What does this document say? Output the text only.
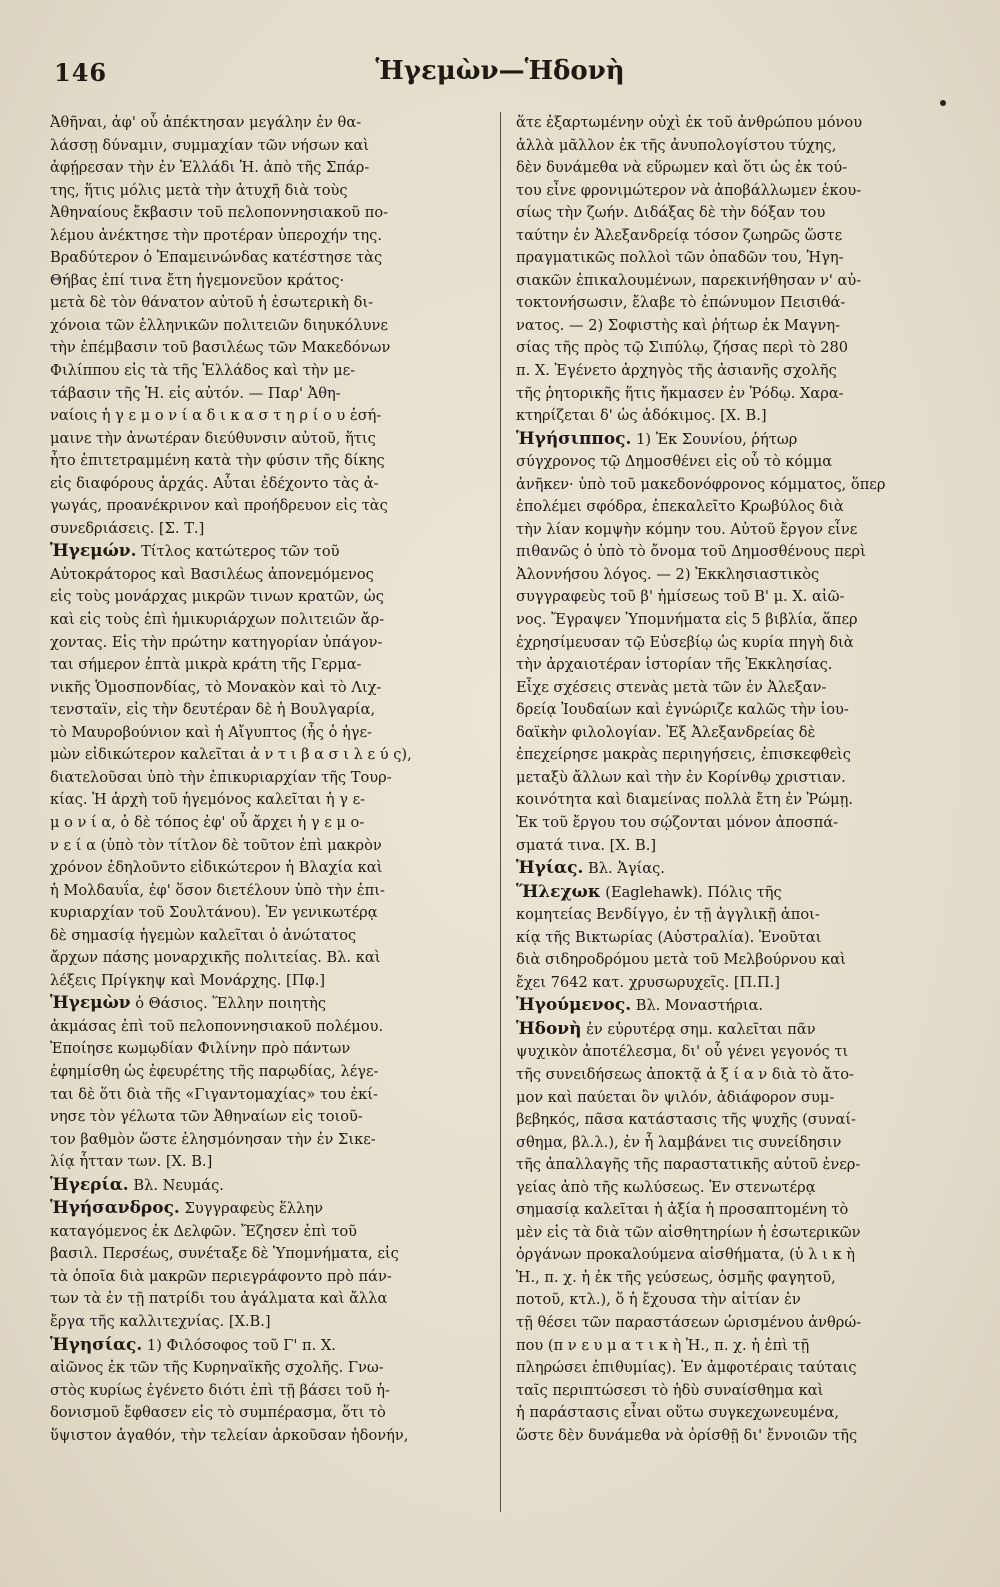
146	Ἡγεμὼν—Ἡδονὴ
Ἀθῆναι, ἀφ' οὗ ἀπέκτησαν μεγάλην ἐν θα-
λάσσῃ δύναμιν, συμμαχίαν τῶν νήσων καὶ
ἀφῄρεσαν τὴν ἐν Ἑλλάδι Ἡ. ἀπὸ τῆς Σπάρ-
της, ἥτις μόλις μετὰ τὴν ἀτυχῆ διὰ τοὺς
Ἀθηναίους ἔκβασιν τοῦ πελοποννησιακοῦ πο-
λέμου ἀνέκτησε τὴν προτέραν ὑπεροχήν της.
Βραδύτερον ὁ Ἐπαμεινώνδας κατέστησε τὰς
Θήβας ἐπί τινα ἔτη ἡγεμονεῦον κράτος·
μετὰ δὲ τὸν θάνατον αὐτοῦ ἡ ἐσωτερικὴ δι-
χόνοια τῶν ἑλληνικῶν πολιτειῶν διηυκόλυνε
τὴν ἐπέμβασιν τοῦ βασιλέως τῶν Μακεδόνων
Φιλίππου εἰς τὰ τῆς Ἑλλάδος καὶ τὴν με-
τάβασιν τῆς Ἡ. εἰς αὐτόν. — Παρ' Ἀθη-
ναίοις ἡ γ ε μ ο ν ί α δ ι κ α σ τ η ρ ί ο υ ἐσή-
μαινε τὴν ἀνωτέραν διεύθυνσιν αὐτοῦ, ἥτις
ἦτο ἐπιτετραμμένη κατὰ τὴν φύσιν τῆς δίκης
εἰς διαφόρους ἀρχάς. Αὗται ἐδέχοντο τὰς ἀ-
γωγάς, προανέκρινον καὶ προήδρευον εἰς τὰς
συνεδριάσεις. [Σ. Τ.]
Ἡγεμών. Τίτλος κατώτερος τῶν τοῦ
Αὐτοκράτορος καὶ Βασιλέως ἀπονεμόμενος
εἰς τοὺς μονάρχας μικρῶν τινων κρατῶν, ὡς
καὶ εἰς τοὺς ἐπὶ ἡμικυριάρχων πολιτειῶν ἄρ-
χοντας. Εἰς τὴν πρώτην κατηγορίαν ὑπάγον-
ται σήμερον ἑπτὰ μικρὰ κράτη τῆς Γερμα-
νικῆς Ὁμοσπονδίας, τὸ Μονακὸν καὶ τὸ Λιχ-
τενσταϊν, εἰς τὴν δευτέραν δὲ ἡ Βουλγαρία,
τὸ Μαυροβούνιον καὶ ἡ Αἴγυπτος (ἧς ὁ ἡγε-
μὼν εἰδικώτερον καλεῖται ἀ ν τ ι β α σ ι λ ε ύ ς),
διατελοῦσαι ὑπὸ τὴν ἐπικυριαρχίαν τῆς Τουρ-
κίας. Ἡ ἀρχὴ τοῦ ἡγεμόνος καλεῖται ἡ γ ε-
μ ο ν ί α, ὁ δὲ τόπος ἐφ' οὗ ἄρχει ἡ γ ε μ ο-
ν ε ί α (ὑπὸ τὸν τίτλον δὲ τοῦτον ἐπὶ μακρὸν
χρόνον ἐδηλοῦντο εἰδικώτερον ἡ Βλαχία καὶ
ἡ Μολδαυΐα, ἐφ' ὅσον διετέλουν ὑπὸ τὴν ἐπι-
κυριαρχίαν τοῦ Σουλτάνου). Ἐν γενικωτέρᾳ
δὲ σημασίᾳ ἡγεμὼν καλεῖται ὁ ἀνώτατος
ἄρχων πάσης μοναρχικῆς πολιτείας. Βλ. καὶ
λέξεις Πρίγκηψ καὶ Μονάρχης. [Πφ.]
Ἡγεμὼν ὁ Θάσιος. Ἕλλην ποιητὴς
ἀκμάσας ἐπὶ τοῦ πελοποννησιακοῦ πολέμου.
Ἐποίησε κωμῳδίαν Φιλίνην πρὸ πάντων
ἐφημίσθη ὡς ἐφευρέτης τῆς παρῳδίας, λέγε-
ται δὲ ὅτι διὰ τῆς «Γιγαντομαχίας» του ἐκί-
νησε τὸν γέλωτα τῶν Ἀθηναίων εἰς τοιοῦ-
τον βαθμὸν ὥστε ἐλησμόνησαν τὴν ἐν Σικε-
λίᾳ ἧτταν των. [Χ. Β.]
Ἡγερία. Βλ. Νευμάς.
Ἡγήσανδρος. Συγγραφεὺς ἕλλην
καταγόμενος ἐκ Δελφῶν. Ἔζησεν ἐπὶ τοῦ
βασιλ. Περσέως, συνέταξε δὲ Ὑπομνήματα, εἰς
τὰ ὁποῖα διὰ μακρῶν περιεγράφοντο πρὸ πάν-
των τὰ ἐν τῇ πατρίδι του ἀγάλματα καὶ ἄλλα
ἔργα τῆς καλλιτεχνίας. [Χ.Β.]
Ἡγησίας. 1) Φιλόσοφος τοῦ Γ' π. Χ.
αἰῶνος ἐκ τῶν τῆς Κυρηναϊκῆς σχολῆς. Γνω-
στὸς κυρίως ἐγένετο διότι ἐπὶ τῇ βάσει τοῦ ἡ-
δονισμοῦ ἔφθασεν εἰς τὸ συμπέρασμα, ὅτι τὸ
ὕψιστον ἀγαθόν, τὴν τελείαν ἀρκοῦσαν ἡδονήν,
ἅτε ἐξαρτωμένην οὐχὶ ἐκ τοῦ ἀνθρώπου μόνου
ἀλλὰ μᾶλλον ἐκ τῆς ἀνυπολογίστου τύχης,
δὲν δυνάμεθα νὰ εὕρωμεν καὶ ὅτι ὡς ἐκ τού-
του εἶνε φρονιμώτερον νὰ ἀποβάλλωμεν ἑκου-
σίως τὴν ζωήν. Διδάξας δὲ τὴν δόξαν του
ταύτην ἐν Ἀλεξανδρείᾳ τόσον ζωηρῶς ὥστε
πραγματικῶς πολλοὶ τῶν ὀπαδῶν του, Ἡγη-
σιακῶν ἐπικαλουμένων, παρεκινήθησαν ν' αὐ-
τοκτονήσωσιν, ἔλαβε τὸ ἐπώνυμον Πεισιθά-
νατος. — 2) Σοφιστὴς καὶ ῥήτωρ ἐκ Μαγνη-
σίας τῆς πρὸς τῷ Σιπύλῳ, ζήσας περὶ τὸ 280
π. Χ. Ἐγένετο ἀρχηγὸς τῆς ἀσιανῆς σχολῆς
τῆς ῥητορικῆς ἥτις ἤκμασεν ἐν Ῥόδῳ. Χαρα-
κτηρίζεται δ' ὡς ἀδόκιμος. [Χ. Β.]
Ἡγήσιππος. 1) Ἐκ Σουνίου, ῥήτωρ
σύγχρονος τῷ Δημοσθένει εἰς οὗ τὸ κόμμα
ἀνῆκεν· ὑπὸ τοῦ μακεδονόφρονος κόμματος, ὅπερ
ἐπολέμει σφόδρα, ἐπεκαλεῖτο Κρωβύλος διὰ
τὴν λίαν κομψὴν κόμην του. Αὐτοῦ ἔργον εἶνε
πιθανῶς ὁ ὑπὸ τὸ ὄνομα τοῦ Δημοσθένους περὶ
Ἀλοννήσου λόγος. — 2) Ἐκκλησιαστικὸς
συγγραφεὺς τοῦ β' ἡμίσεως τοῦ Β' μ. Χ. αἰῶ-
νος. Ἔγραψεν Ὑπομνήματα εἰς 5 βιβλία, ἅπερ
ἐχρησίμευσαν τῷ Εὐσεβίῳ ὡς κυρία πηγὴ διὰ
τὴν ἀρχαιοτέραν ἱστορίαν τῆς Ἐκκλησίας.
Εἶχε σχέσεις στενὰς μετὰ τῶν ἐν Ἀλεξαν-
δρείᾳ Ἰουδαίων καὶ ἐγνώριζε καλῶς τὴν ἰου-
δαϊκὴν φιλολογίαν. Ἐξ Ἀλεξανδρείας δὲ
ἐπεχείρησε μακρὰς περιηγήσεις, ἐπισκεφθεὶς
μεταξὺ ἄλλων καὶ τὴν ἐν Κορίνθῳ χριστιαν.
κοινότητα καὶ διαμείνας πολλὰ ἔτη ἐν Ῥώμῃ.
Ἐκ τοῦ ἔργου του σῴζονται μόνον ἀποσπά-
σματά τινα. [Χ. Β.]
Ἡγίας. Βλ. Ἁγίας.
Ἥλεχωκ (Eaglehawk). Πόλις τῆς
κομητείας Βενδίγγο, ἐν τῇ ἀγγλικῇ ἀποι-
κίᾳ τῆς Βικτωρίας (Αὐστραλία). Ἑνοῦται
διὰ σιδηροδρόμου μετὰ τοῦ Μελβούρνου καὶ
ἔχει 7642 κατ. χρυσωρυχεῖς. [Π.Π.]
Ἡγούμενος. Βλ. Μοναστήρια.
Ἡδονὴ ἐν εὐρυτέρᾳ σημ. καλεῖται πᾶν
ψυχικὸν ἀποτέλεσμα, δι' οὗ γένει γεγονός τι
τῆς συνειδήσεως ἀποκτᾷ ἀ ξ ί α ν διὰ τὸ ἄτο-
μον καὶ παύεται ὂν ψιλόν, ἀδιάφορον συμ-
βεβηκός, πᾶσα κατάστασις τῆς ψυχῆς (συναί-
σθημα, βλ.λ.), ἐν ἧ λαμβάνει τις συνείδησιν
τῆς ἀπαλλαγῆς τῆς παραστατικῆς αὐτοῦ ἐνερ-
γείας ἀπὸ τῆς κωλύσεως. Ἐν στενωτέρᾳ
σημασίᾳ καλεῖται ἡ ἀξία ἡ προσαπτομένη τὸ
μὲν εἰς τὰ διὰ τῶν αἰσθητηρίων ἡ ἐσωτερικῶν
ὀργάνων προκαλούμενα αἰσθήματα, (ὑ λ ι κ ὴ
Ἡ., π. χ. ἡ ἐκ τῆς γεύσεως, ὀσμῆς φαγητοῦ,
ποτοῦ, κτλ.), ὅ ἡ ἔχουσα τὴν αἰτίαν ἐν
τῇ θέσει τῶν παραστάσεων ὡρισμένου ἀνθρώ-
που (π ν ε υ μ α τ ι κ ὴ Ἡ., π. χ. ἡ ἐπὶ τῇ
πληρώσει ἐπιθυμίας). Ἐν ἀμφοτέραις ταύταις
ταῖς περιπτώσεσι τὸ ἡδὺ συναίσθημα καὶ
ἡ παράστασις εἶναι οὕτω συγκεχωνευμένα,
ὥστε δὲν δυνάμεθα νὰ ὁρίσθῇ δι' ἔννοιῶν τῆς
